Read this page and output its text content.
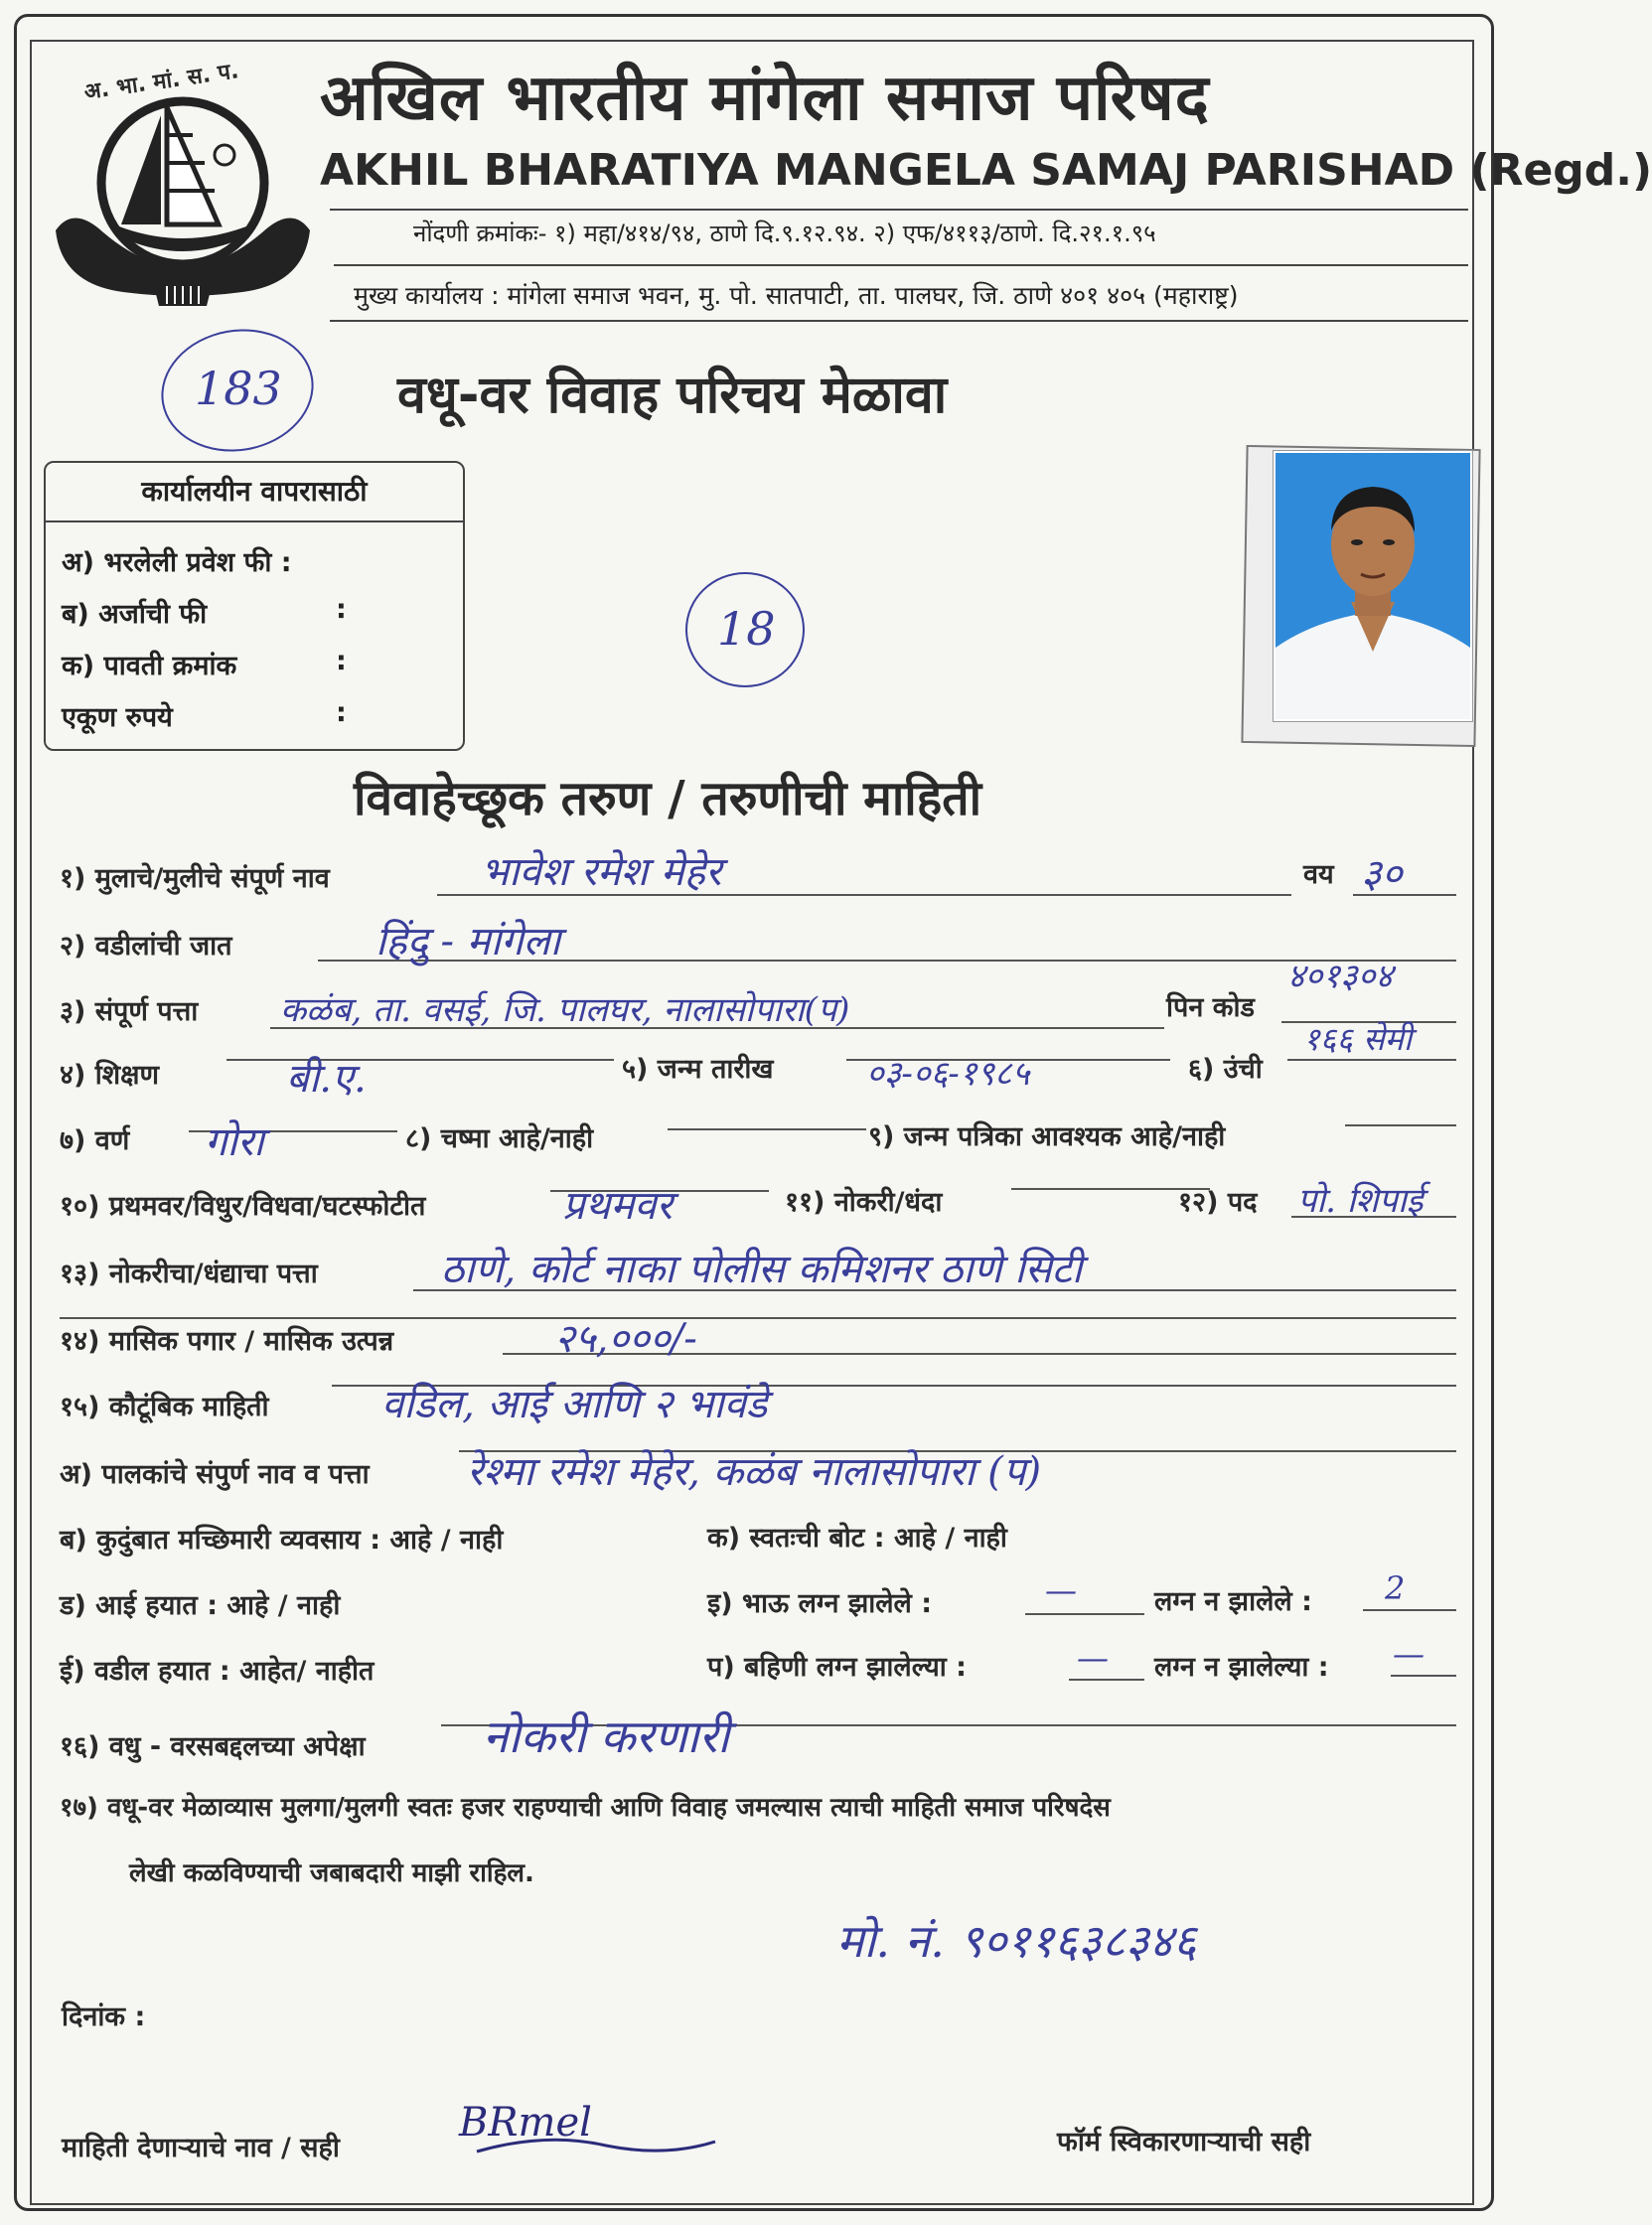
अ. भा. मां. स. प. अखिल भारतीय मांगेला समाज परिषद
AKHIL BHARATIYA MANGELA SAMAJ PARISHAD (Regd.)
नोंदणी क्रमांकः- १) महा/४१४/९४, ठाणे दि.९.१२.९४. २) एफ/४११३/ठाणे. दि.२१.१.९५
मुख्य कार्यालय : मांगेला समाज भवन, मु. पो. सातपाटी, ता. पालघर, जि. ठाणे ४०१ ४०५ (महाराष्ट्र)
183
18
वधू-वर विवाह परिचय मेळावा
कार्यालयीन वापरासाठी
अ) भरलेली प्रवेश फी :
ब) अर्जाची फी	:
क) पावती क्रमांक	:
एकूण रुपये	:
विवाहेच्छूक तरुण / तरुणीची माहिती
१) मुलाचे/मुलीचे संपूर्ण नाव	भावेश रमेश मेहेर	वय ३०
२) वडीलांची जात	हिंदु - मांगेला
३) संपूर्ण पत्ता कळंब, ता. वसई, जि. पालघर, नालासोपारा(प)	पिन कोड
४०१३०४
४) शिक्षण	बी.ए.	५) जन्म तारीख	०३-०६-१९८५	६) उंची
१६६ सेमी
७) वर्ण गोरा	८) चष्मा आहे/नाही	९) जन्म पत्रिका आवश्यक आहे/नाही
१०) प्रथमवर/विधुर/विधवा/घटस्फोटीत	प्रथमवर	११) नोकरी/धंदा	१२) पद पो. शिपाई
१३) नोकरीचा/धंद्याचा पत्ता	ठाणे, कोर्ट नाका पोलीस कमिशनर ठाणे सिटी
१४) मासिक पगार / मासिक उत्पन्न	२५,०००/-
१५) कौटूंबिक माहिती	वडिल, आई आणि २ भावंडे
अ) पालकांचे संपुर्ण नाव व पत्ता रेश्मा रमेश मेहेर, कळंब नालासोपारा (प)
ब) कुदुंबात मच्छिमारी व्यवसाय : आहे / नाही	क) स्वतःची बोट : आहे / नाही
ड) आई हयात : आहे / नाही	इ) भाऊ लग्न झालेले :	—	लग्न न झालेले : 2
ई) वडील हयात : आहेत/ नाहीत	प) बहिणी लग्न झालेल्या :	— लग्न न झालेल्या : —
१६) वधु - वरसबद्दलच्या अपेक्षा	नोकरी करणारी
१७) वधू-वर मेळाव्यास मुलगा/मुलगी स्वतः हजर राहण्याची आणि विवाह जमल्यास त्याची माहिती समाज परिषदेस
लेखी कळविण्याची जबाबदारी माझी राहिल.
मो. नं. ९०११६३८३४६
दिनांक :
माहिती देणाऱ्याचे नाव / सही
BRmel	फॉर्म स्विकारणाऱ्याची सही
